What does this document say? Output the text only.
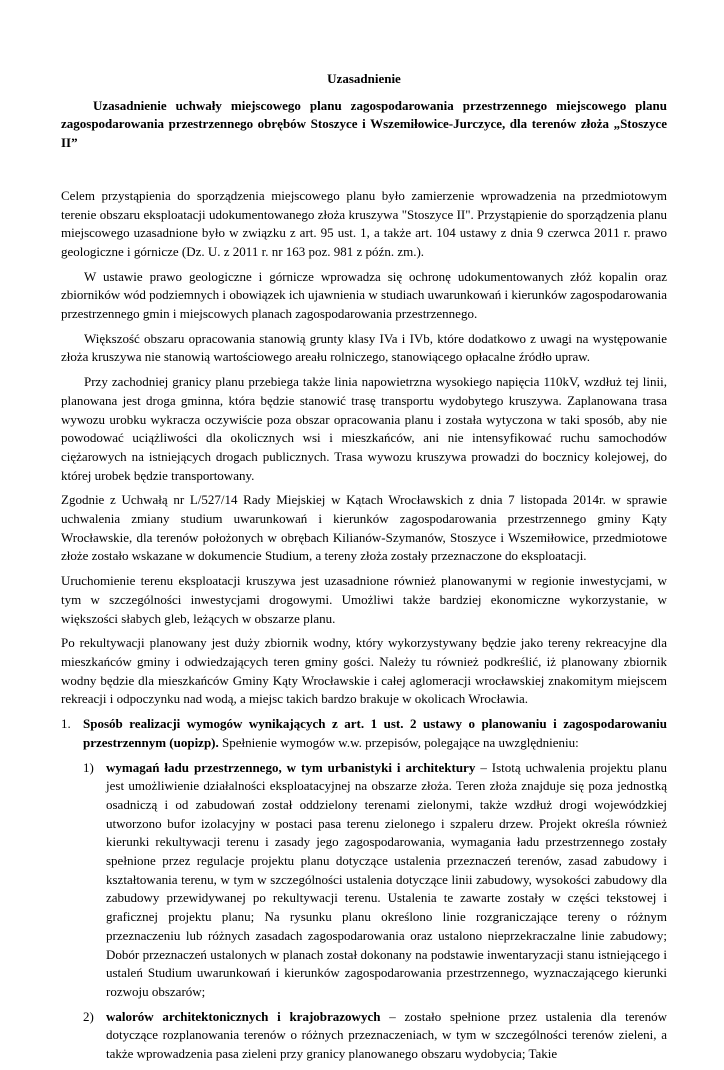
Uzasadnienie
Uzasadnienie uchwały miejscowego planu zagospodarowania przestrzennego miejscowego planu zagospodarowania przestrzennego obrębów Stoszyce i Wszemiłowice-Jurczyce, dla terenów złoża „Stoszyce II”

Celem przystąpienia do sporządzenia miejscowego planu było zamierzenie wprowadzenia na przedmiotowym terenie obszaru eksploatacji udokumentowanego złoża kruszywa "Stoszyce II". Przystąpienie do sporządzenia planu miejscowego uzasadnione było w związku z art. 95 ust. 1, a także art. 104 ustawy z dnia 9 czerwca 2011 r. prawo geologiczne i górnicze (Dz. U. z 2011 r. nr 163 poz. 981 z późn. zm.).

W ustawie prawo geologiczne i górnicze wprowadza się ochronę udokumentowanych złóż kopalin oraz zbiorników wód podziemnych i obowiązek ich ujawnienia w studiach uwarunkowań i kierunków zagospodarowania przestrzennego gmin i miejscowych planach zagospodarowania przestrzennego.

Większość obszaru opracowania stanowią grunty klasy IVa i IVb, które dodatkowo z uwagi na występowanie złoża kruszywa nie stanowią wartościowego areału rolniczego, stanowiącego opłacalne źródło upraw.

Przy zachodniej granicy planu przebiega także linia napowietrzna wysokiego napięcia 110kV, wzdłuż tej linii, planowana jest droga gminna, która będzie stanowić trasę transportu wydobytego kruszywa. Zaplanowana trasa wywozu urobku wykracza oczywiście poza obszar opracowania planu i została wytyczona w taki sposób, aby nie powodować uciążliwości dla okolicznych wsi i mieszkańców, ani nie intensyfikować ruchu samochodów ciężarowych na istniejących drogach publicznych. Trasa wywozu kruszywa prowadzi do bocznicy kolejowej, do której urobek będzie transportowany.

Zgodnie z Uchwałą nr L/527/14 Rady Miejskiej w Kątach Wrocławskich z dnia 7 listopada 2014r. w sprawie uchwalenia zmiany studium uwarunkowań i kierunków zagospodarowania przestrzennego gminy Kąty Wrocławskie, dla terenów położonych w obrębach Kilianów-Szymanów, Stoszyce i Wszemiłowice, przedmiotowe złoże zostało wskazane w dokumencie Studium, a tereny złoża zostały przeznaczone do eksploatacji.

Uruchomienie terenu eksploatacji kruszywa jest uzasadnione również planowanymi w regionie inwestycjami, w tym w szczególności inwestycjami drogowymi. Umożliwi także bardziej ekonomiczne wykorzystanie, w większości słabych gleb, leżących w obszarze planu.

Po rekultywacji planowany jest duży zbiornik wodny, który wykorzystywany będzie jako tereny rekreacyjne dla mieszkańców gminy i odwiedzających teren gminy gości. Należy tu również podkreślić, iż planowany zbiornik wodny będzie dla mieszkańców Gminy Kąty Wrocławskie i całej aglomeracji wrocławskiej znakomitym miejscem rekreacji i odpoczynku nad wodą, a miejsc takich bardzo brakuje w okolicach Wrocławia.

1. Sposób realizacji wymogów wynikających z art. 1 ust. 2 ustawy o planowaniu i zagospodarowaniu przestrzennym (uopizp). Spełnienie wymogów w.w. przepisów, polegające na uwzględnieniu:
1) wymagań ładu przestrzennego, w tym urbanistyki i architektury – Istotą uchwalenia projektu planu jest umożliwienie działalności eksploatacyjnej na obszarze złoża. Teren złoża znajduje się poza jednostką osadniczą i od zabudowań został oddzielony terenami zielonymi, także wzdłuż drogi wojewódzkiej utworzono bufor izolacyjny w postaci pasa terenu zielonego i szpaleru drzew. Projekt określa również kierunki rekultywacji terenu i zasady jego zagospodarowania, wymagania ładu przestrzennego zostały spełnione przez regulacje projektu planu dotyczące ustalenia przeznaczeń terenów, zasad zabudowy i kształtowania terenu, w tym w szczególności ustalenia dotyczące linii zabudowy, wysokości zabudowy dla zabudowy przewidywanej po rekultywacji terenu. Ustalenia te zawarte zostały w części tekstowej i graficznej projektu planu; Na rysunku planu określono linie rozgraniczające tereny o różnym przeznaczeniu lub różnych zasadach zagospodarowania oraz ustalono nieprzekraczalne linie zabudowy; Dobór przeznaczeń ustalonych w planach został dokonany na podstawie inwentaryzacji stanu istniejącego i ustaleń Studium uwarunkowań i kierunków zagospodarowania przestrzennego, wyznaczającego kierunki rozwoju obszarów;
2) walorów architektonicznych i krajobrazowych – zostało spełnione przez ustalenia dla terenów dotyczące rozplanowania terenów o różnych przeznaczeniach, w tym w szczególności terenów zieleni, a także wprowadzenia pasa zieleni przy granicy planowanego obszaru wydobycia; Takie
